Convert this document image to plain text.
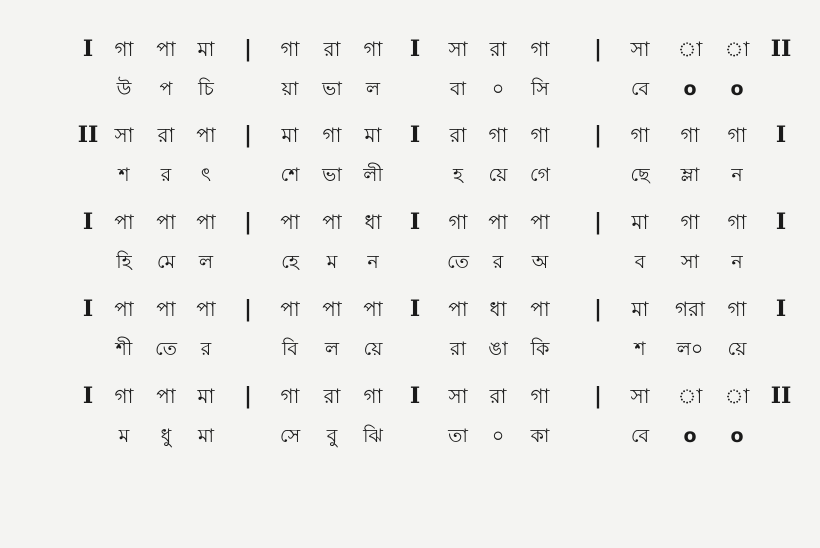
I গা পা মা | গা রা গা I সা রা গা | সা া া II
উ প চি	য়া ভা ল	বা ০ সি	বে o o
II সা রা পা | মা গা মা I রা গা গা | গা গা গা I
শ র ৎ	শে ভা লী	হ য়ে গে	ছে ম্লা ন
I পা পা পা | পা পা ধা I গা পা পা | মা গা গা I
হি মে ল	হে ম ন	তে র অ	ব সা ন
I পা পা পা | পা পা পা I পা ধা পা | মা গরা গা I
শী তে র	বি ল য়ে	রা ঙা কি	শ ল০ য়ে
I গা পা মা | গা রা গা I সা রা গা | সা া া II
ম ধু মা	সে বু ঝি	তা ০ কা	বে o o
